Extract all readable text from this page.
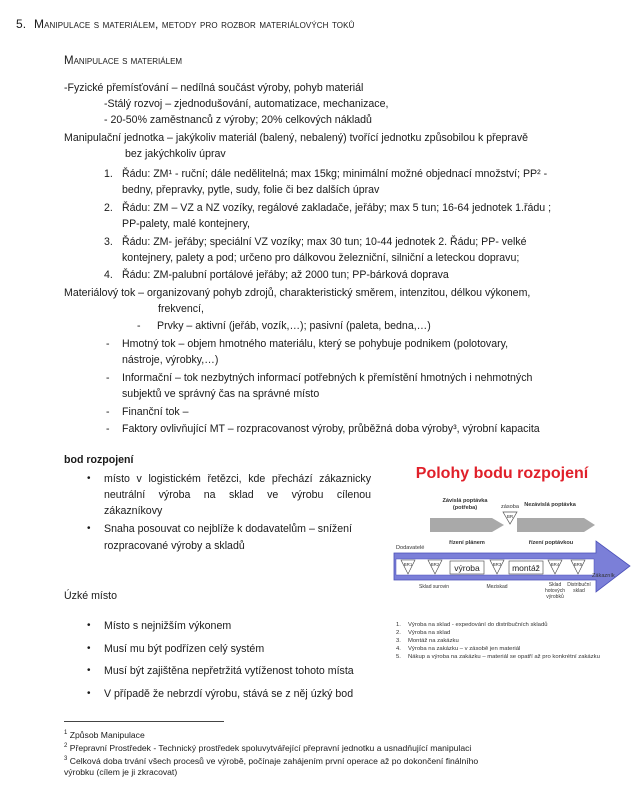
5. Manipulace s materiálem, metody pro rozbor materiálových toků
Manipulace s materiálem
-Fyzické přemísťování – nedílná součást výroby, pohyb materiál
-Stálý rozvoj – zjednodušování, automatizace, mechanizace,
- 20-50% zaměstnanců z výroby; 20% celkových nákladů
Manipulační jednotka – jakýkoliv materiál (balený, nebalený) tvořící jednotku způsobilou k přepravě
bez jakýchkoliv úprav
1. Řádu: ZM¹ - ruční; dále nedělitelná; max 15kg; minimální možné objednací množství; PP² -
bedny, přepravky, pytle, sudy, folie či bez dalších úprav
2. Řádu: ZM – VZ a NZ vozíky, regálové zakladače, jeřáby; max 5 tun; 16-64 jednotek 1.řádu ;
PP-palety, malé kontejnery,
3. Řádu: ZM- jeřáby; speciální VZ vozíky; max 30 tun; 10-44 jednotek 2. Řádu; PP- velké
kontejnery, palety a pod; určeno pro dálkovou železniční, silniční a leteckou dopravu;
4. Řádu: ZM-palubní portálové jeřáby; až 2000 tun; PP-bárková doprava
Materiálový tok – organizovaný pohyb zdrojů, charakteristický směrem, intenzitou, délkou výkonem,
frekvencí,
- Prvky – aktivní (jeřáb, vozík,…); pasivní (paleta, bedna,…)
- Hmotný tok – objem hmotného materiálu, který se pohybuje podnikem (polotovary,
nástroje, výrobky,…)
- Informační – tok nezbytných informací potřebných k přemístění hmotných i nehmotných
subjektů ve správný čas na správné místo
- Finanční tok –
- Faktory ovlivňující MT – rozpracovanost výroby, průběžná doba výroby³, výrobní kapacita
bod rozpojení
• místo v logistickém řetězci, kde přechází zákaznicky
neutrální výroba na sklad ve výrobu cílenou
zákazníkovy
• Snaha posouvat co nejblíže k dodavatelům – snížení
rozpracované výroby a skladů
Úzké místo
• Místo s nejnižším výkonem
• Musí mu být podřízen celý systém
• Musí být zajištěna nepřetržitá vytíženost tohoto místa
• V případě že nebrzdí výrobu, stává se z něj úzký bod
Polohy bodu rozpojení
Závislá poptávka
(potřeba)	Nezávislá poptávka
zásoba
BR
řízení plánem	řízení poptávkou
Dodavatelé
Zákazník
BR1	BR2 výroba	BR3 montáž BR4	BR5
Sklad surovin	Meziskad	Sklad
hotových
výrobků
Distribuční
sklad
1. Výroba na sklad - expedování do distribučních skladů
2. Výroba na sklad
3. Montáž na zakázku
4. Výroba na zakázku – v zásobě jen materiál
5. Nákup a výroba na zakázku – materiál se opatří až pro konkrétní zakázku
$^1$ Způsob Manipulace
$^2$ Přepravní Prostředek - Technický prostředek spoluvytvářející přepravní jednotku a usnadňující manipulaci
$^3$ Celková doba trvání všech procesů ve výrobě, počínaje zahájením první operace až po dokončení finálního
výrobku (cílem je ji zkracovat)
